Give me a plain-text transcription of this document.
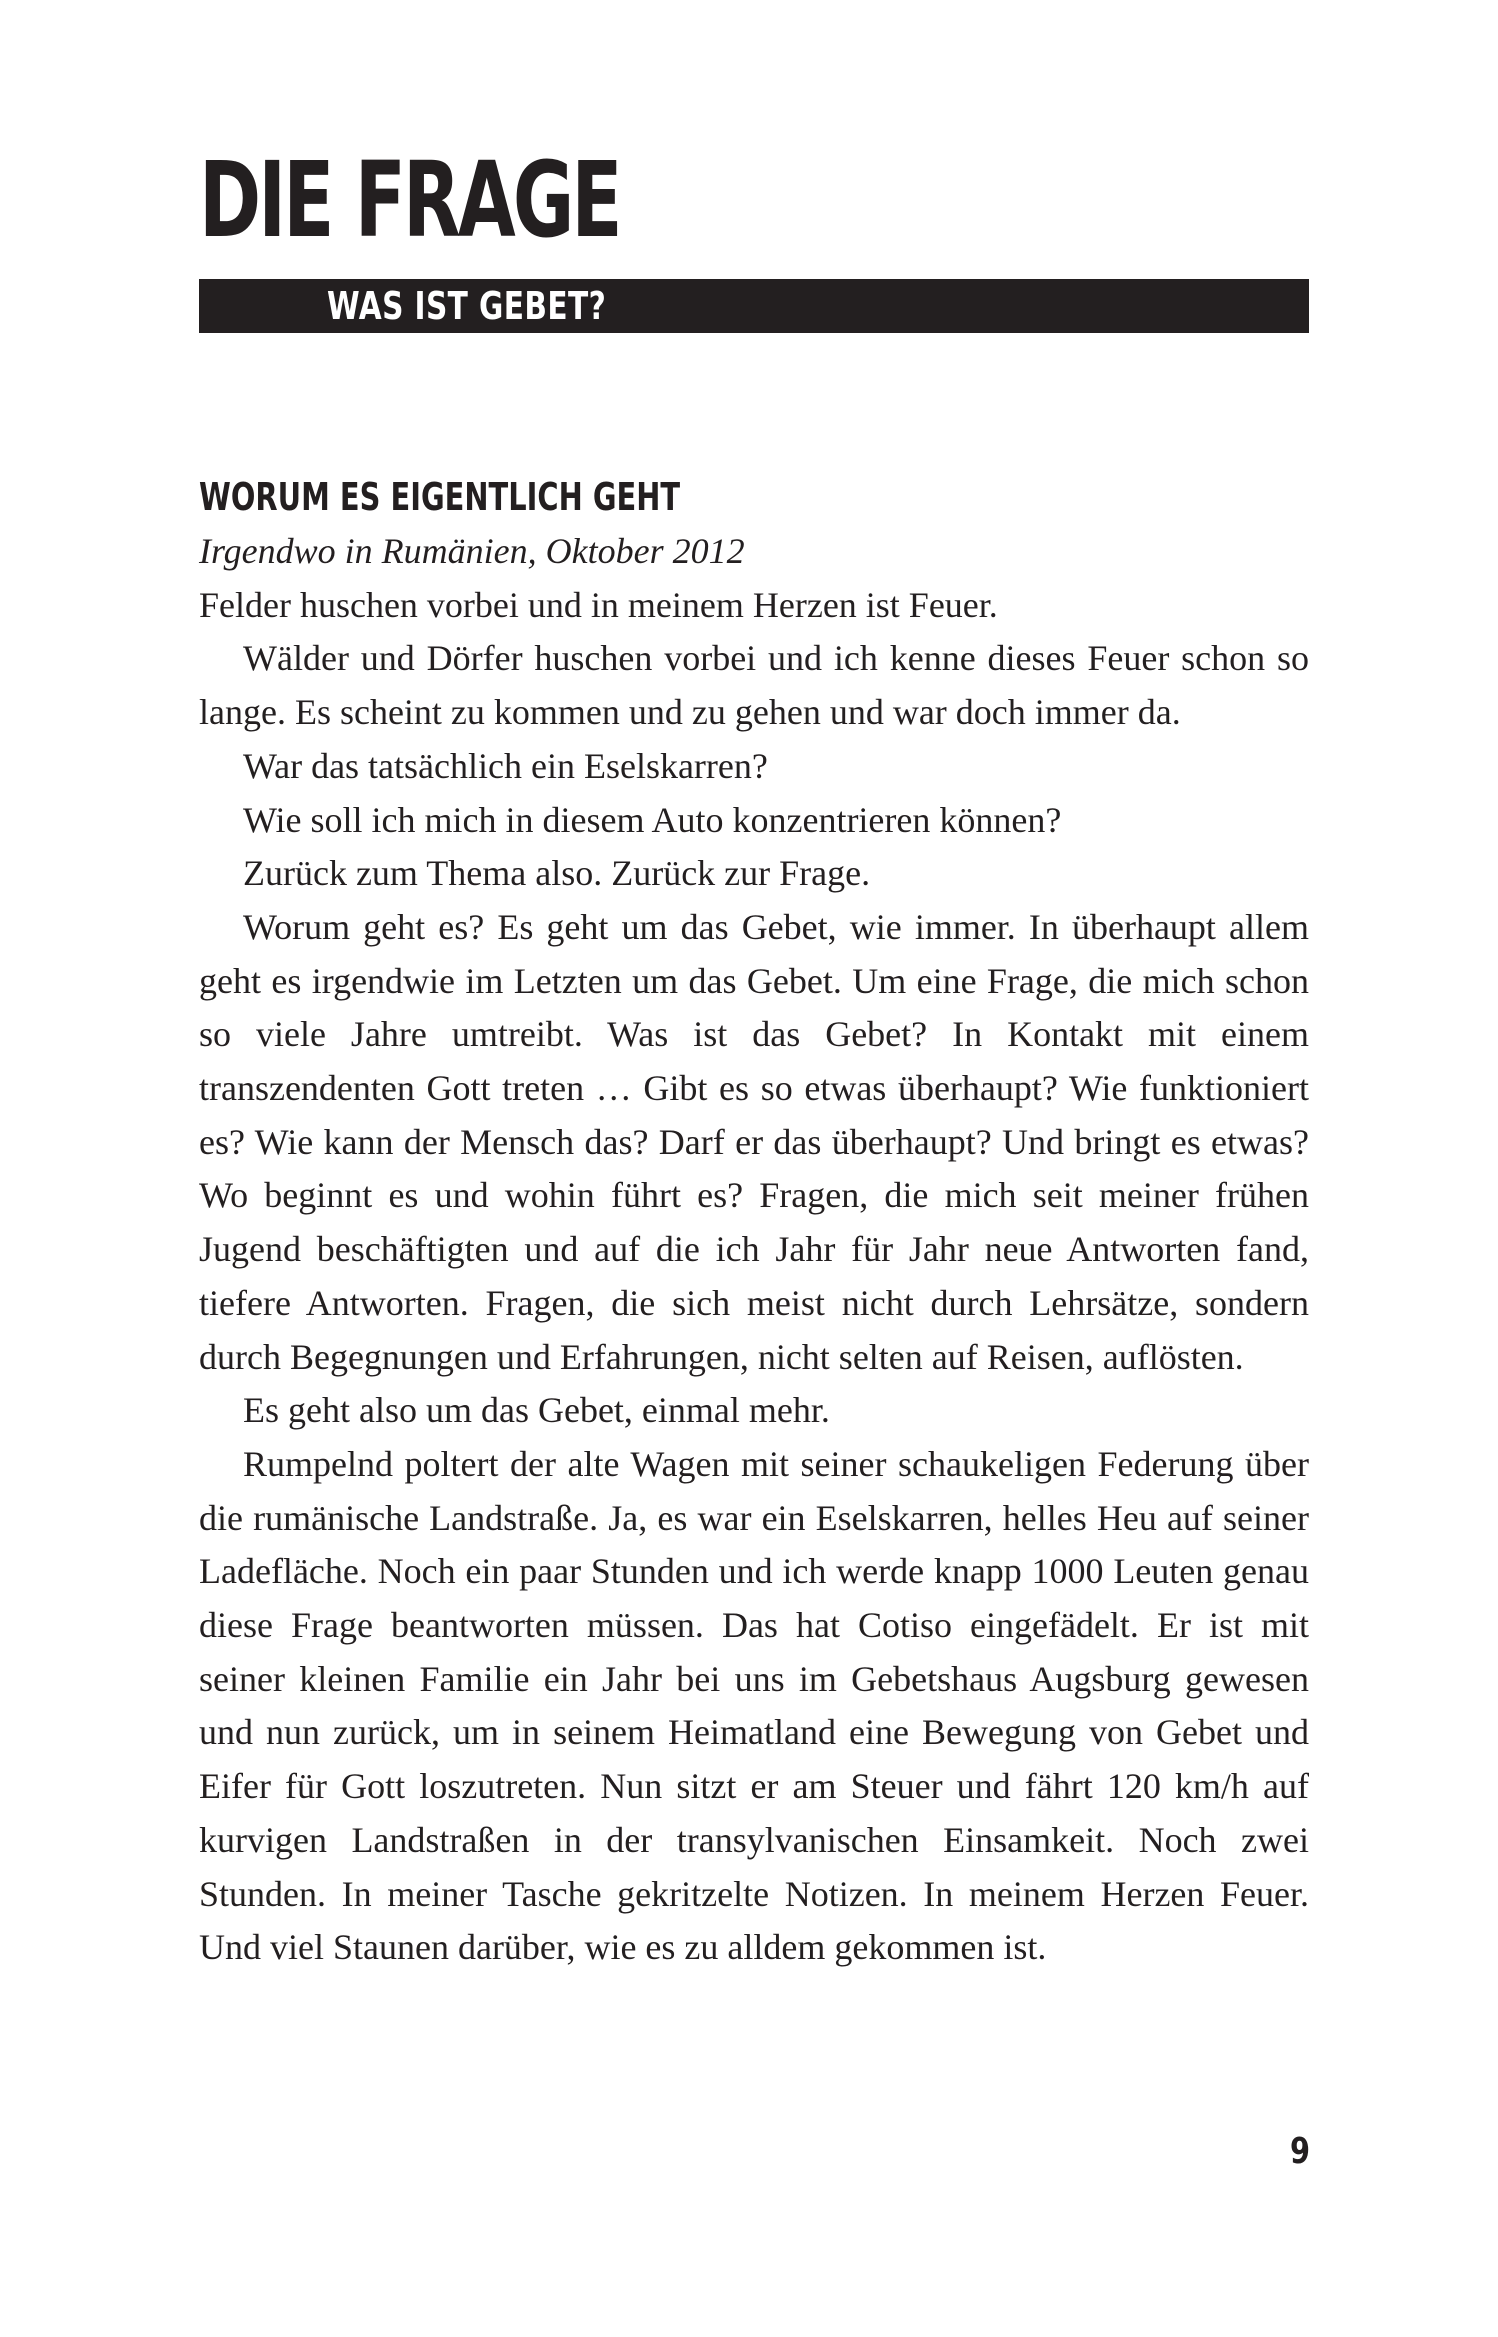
DIE FRAGE
WAS IST GEBET?
WORUM ES EIGENTLICH GEHT

Irgendwo in Rumänien, Oktober 2012

Felder huschen vorbei und in meinem Herzen ist Feuer.

Wälder und Dörfer huschen vorbei und ich kenne dieses Feuer schon so lange. Es scheint zu kommen und zu gehen und war doch immer da.

War das tatsächlich ein Eselskarren?

Wie soll ich mich in diesem Auto konzentrieren können?

Zurück zum Thema also. Zurück zur Frage.

Worum geht es? Es geht um das Gebet, wie immer. In überhaupt allem geht es irgendwie im Letzten um das Gebet. Um eine Frage, die mich schon so viele Jahre umtreibt. Was ist das Gebet? In Kontakt mit einem transzendenten Gott treten … Gibt es so etwas überhaupt? Wie funktioniert es? Wie kann der Mensch das? Darf er das überhaupt? Und bringt es etwas? Wo beginnt es und wohin führt es? Fragen, die mich seit meiner frühen Jugend beschäftigten und auf die ich Jahr für Jahr neue Antworten fand, tiefere Antworten. Fragen, die sich meist nicht durch Lehrsätze, sondern durch Begegnungen und Erfahrungen, nicht selten auf Reisen, auflösten.

Es geht also um das Gebet, einmal mehr.

Rumpelnd poltert der alte Wagen mit seiner schaukeligen Federung über die rumänische Landstraße. Ja, es war ein Eselskarren, helles Heu auf seiner Ladefläche. Noch ein paar Stunden und ich werde knapp 1000 Leuten genau diese Frage beantworten müssen. Das hat Cotiso eingefädelt. Er ist mit seiner kleinen Familie ein Jahr bei uns im Gebetshaus Augsburg gewesen und nun zurück, um in seinem Heimatland eine Bewegung von Gebet und Eifer für Gott loszutreten. Nun sitzt er am Steuer und fährt 120 km/h auf kurvigen Landstraßen in der transylvanischen Einsamkeit. Noch zwei Stunden. In meiner Tasche gekritzelte Notizen. In meinem Herzen Feuer. Und viel Staunen darüber, wie es zu alldem gekommen ist.

9
